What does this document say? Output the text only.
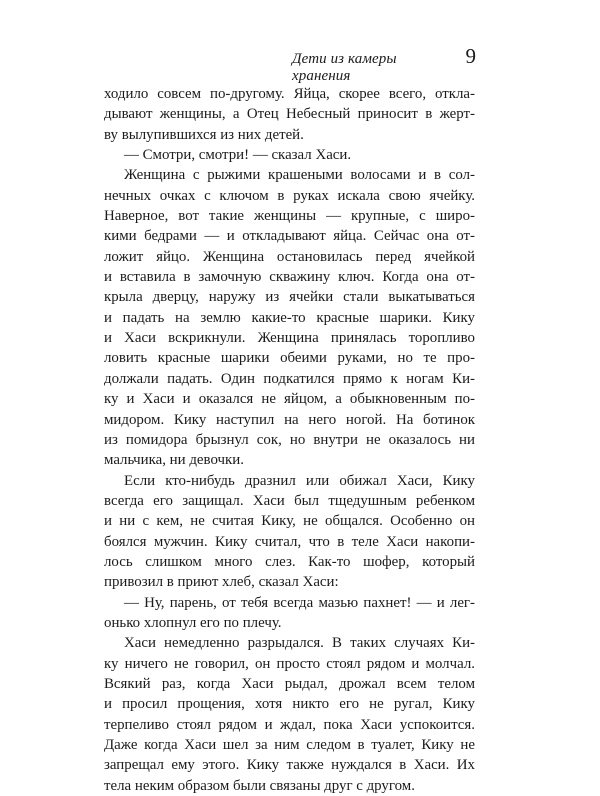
Дети из камеры хранения
9
ходило совсем по-другому. Яйца, скорее всего, откла-
дывают женщины, а Отец Небесный приносит в жерт-
ву вылупившихся из них детей.
— Смотри, смотри! — сказал Хаси.
Женщина с рыжими крашеными волосами и в сол-
нечных очках с ключом в руках искала свою ячейку.
Наверное, вот такие женщины — крупные, с широ-
кими бедрами — и откладывают яйца. Сейчас она от-
ложит яйцо. Женщина остановилась перед ячейкой
и вставила в замочную скважину ключ. Когда она от-
крыла дверцу, наружу из ячейки стали выкатываться
и падать на землю какие-то красные шарики. Кику
и Хаси вскрикнули. Женщина принялась торопливо
ловить красные шарики обеими руками, но те про-
должали падать. Один подкатился прямо к ногам Ки-
ку и Хаси и оказался не яйцом, а обыкновенным по-
мидором. Кику наступил на него ногой. На ботинок
из помидора брызнул сок, но внутри не оказалось ни
мальчика, ни девочки.
Если кто-нибудь дразнил или обижал Хаси, Кику
всегда его защищал. Хаси был тщедушным ребенком
и ни с кем, не считая Кику, не общался. Особенно он
боялся мужчин. Кику считал, что в теле Хаси накопи-
лось слишком много слез. Как-то шофер, который
привозил в приют хлеб, сказал Хаси:
— Ну, парень, от тебя всегда мазью пахнет! — и лег-
онько хлопнул его по плечу.
Хаси немедленно разрыдался. В таких случаях Ки-
ку ничего не говорил, он просто стоял рядом и молчал.
Всякий раз, когда Хаси рыдал, дрожал всем телом
и просил прощения, хотя никто его не ругал, Кику
терпеливо стоял рядом и ждал, пока Хаси успокоится.
Даже когда Хаси шел за ним следом в туалет, Кику не
запрещал ему этого. Кику также нуждался в Хаси. Их
тела неким образом были связаны друг с другом.
